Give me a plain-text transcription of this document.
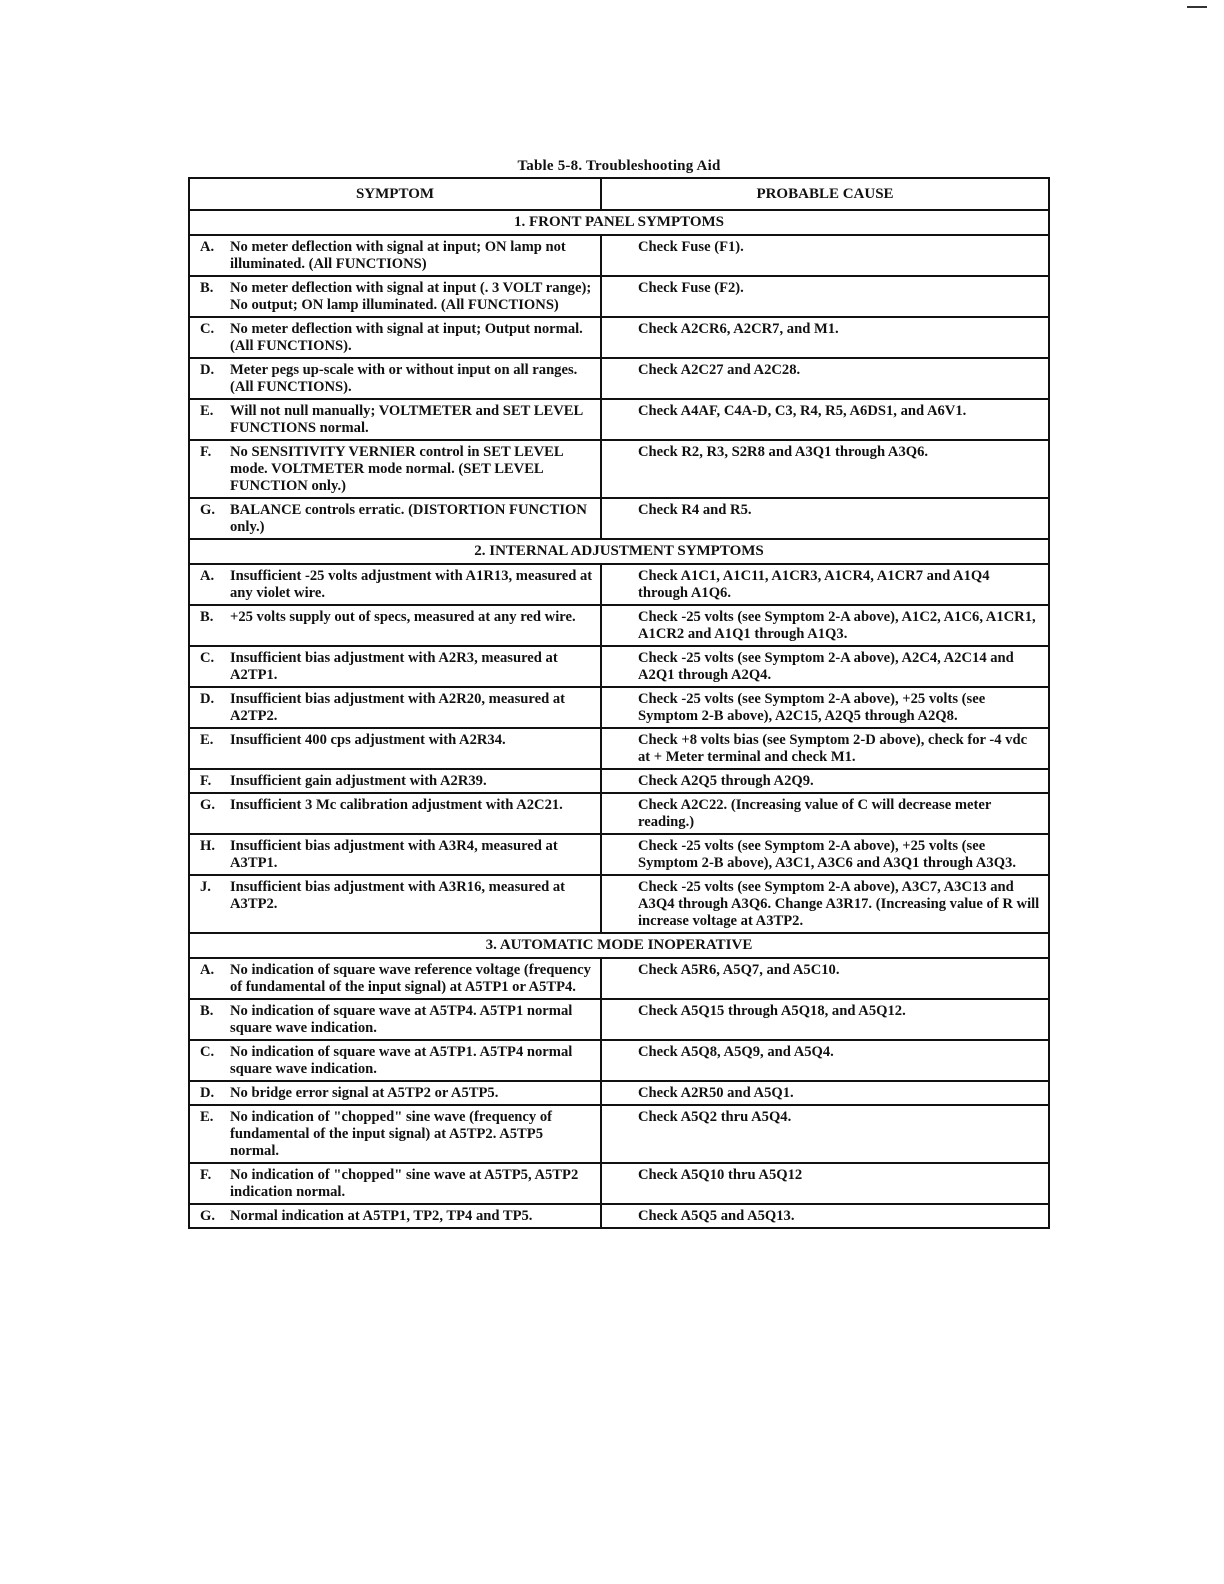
Table 5-8. Troubleshooting Aid
SYMPTOM	PROBABLE CAUSE
1. FRONT PANEL SYMPTOMS	

A. No meter deflection with signal at input; ON lamp not illuminated. (All FUNCTIONS)	Check Fuse (F1).

B. No meter deflection with signal at input (. 3 VOLT range); No output; ON lamp illuminated. (All FUNCTIONS)	Check Fuse (F2).

C. No meter deflection with signal at input; Output normal. (All FUNCTIONS).	Check A2CR6, A2CR7, and M1.

D. Meter pegs up-scale with or without input on all ranges. (All FUNCTIONS).	Check A2C27 and A2C28.

E. Will not null manually; VOLTMETER and SET LEVEL FUNCTIONS normal.	Check A4AF, C4A-D, C3, R4, R5, A6DS1, and A6V1.

F. No SENSITIVITY VERNIER control in SET LEVEL mode. VOLTMETER mode normal. (SET LEVEL FUNCTION only.)	Check R2, R3, S2R8 and A3Q1 through A3Q6.

G. BALANCE controls erratic. (DISTORTION FUNCTION only.)	Check R4 and R5.
2. INTERNAL ADJUSTMENT SYMPTOMS	

A. Insufficient -25 volts adjustment with A1R13, measured at any violet wire.	Check A1C1, A1C11, A1CR3, A1CR4, A1CR7 and A1Q4 through A1Q6.

B. +25 volts supply out of specs, measured at any red wire.	Check -25 volts (see Symptom 2-A above), A1C2, A1C6, A1CR1, A1CR2 and A1Q1 through A1Q3.

C. Insufficient bias adjustment with A2R3, measured at A2TP1.	Check -25 volts (see Symptom 2-A above), A2C4, A2C14 and A2Q1 through A2Q4.

D. Insufficient bias adjustment with A2R20, measured at A2TP2.	Check -25 volts (see Symptom 2-A above), +25 volts (see Symptom 2-B above), A2C15, A2Q5 through A2Q8.

E. Insufficient 400 cps adjustment with A2R34.	Check +8 volts bias (see Symptom 2-D above), check for -4 vdc at + Meter terminal and check M1.

F. Insufficient gain adjustment with A2R39.	Check A2Q5 through A2Q9.

G. Insufficient 3 Mc calibration adjustment with A2C21.	Check A2C22. (Increasing value of C will decrease meter reading.)

H. Insufficient bias adjustment with A3R4, measured at A3TP1.	Check -25 volts (see Symptom 2-A above), +25 volts (see Symptom 2-B above), A3C1, A3C6 and A3Q1 through A3Q3.

J. Insufficient bias adjustment with A3R16, measured at A3TP2.	Check -25 volts (see Symptom 2-A above), A3C7, A3C13 and A3Q4 through A3Q6. Change A3R17. (Increasing value of R will increase voltage at A3TP2.
3. AUTOMATIC MODE INOPERATIVE	

A. No indication of square wave reference voltage (frequency of fundamental of the input signal) at A5TP1 or A5TP4.	Check A5R6, A5Q7, and A5C10.

B. No indication of square wave at A5TP4. A5TP1 normal square wave indication.	Check A5Q15 through A5Q18, and A5Q12.

C. No indication of square wave at A5TP1. A5TP4 normal square wave indication.	Check A5Q8, A5Q9, and A5Q4.

D. No bridge error signal at A5TP2 or A5TP5.	Check A2R50 and A5Q1.

E. No indication of "chopped" sine wave (frequency of fundamental of the input signal) at A5TP2. A5TP5 normal.	Check A5Q2 thru A5Q4.

F. No indication of "chopped" sine wave at A5TP5, A5TP2 indication normal.	Check A5Q10 thru A5Q12

G. Normal indication at A5TP1, TP2, TP4 and TP5.	Check A5Q5 and A5Q13.
